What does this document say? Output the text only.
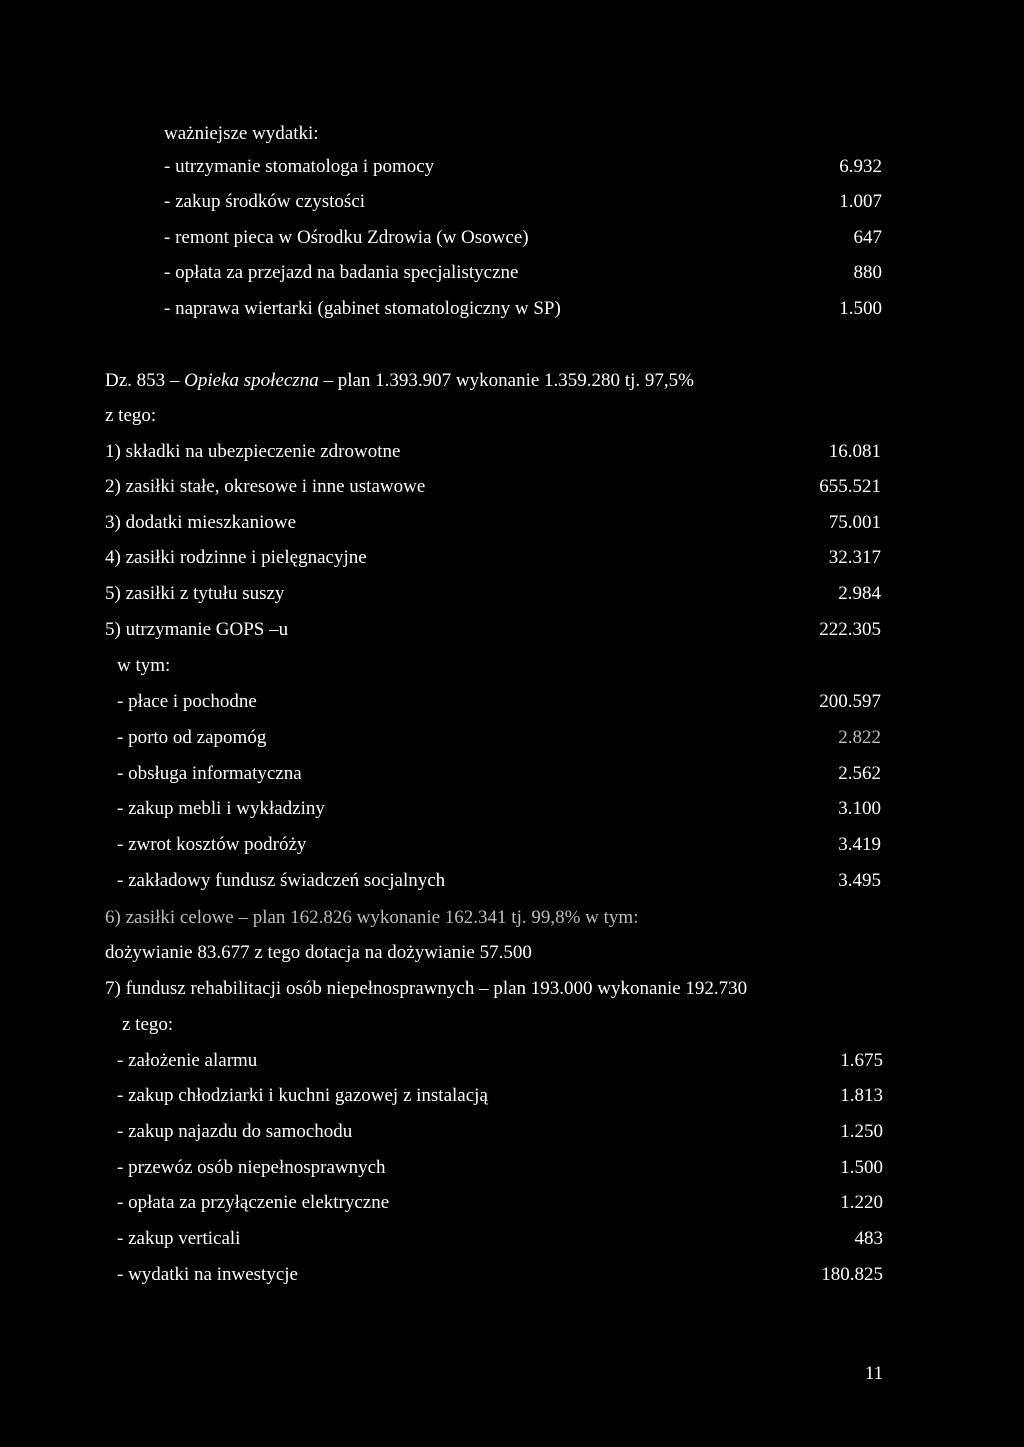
ważniejsze wydatki:
- utrzymanie stomatologa i pomocy	6.932
- zakup środków czystości	1.007
- remont pieca w Ośrodku Zdrowia (w Osowce)	647
- opłata za przejazd na badania specjalistyczne	880
- naprawa wiertarki (gabinet stomatologiczny w SP)	1.500
Dz. 853 – Opieka społeczna – plan 1.393.907 wykonanie 1.359.280 tj. 97,5%
z tego:
1) składki na ubezpieczenie zdrowotne	16.081
2) zasiłki stałe, okresowe i inne ustawowe	655.521
3) dodatki mieszkaniowe	75.001
4) zasiłki rodzinne i pielęgnacyjne	32.317
5) zasiłki z tytułu suszy	2.984
5) utrzymanie GOPS –u	222.305
w tym:
- płace i pochodne	200.597
- porto od zapomóg	2.822
- obsługa informatyczna	2.562
- zakup mebli i wykładziny	3.100
- zwrot kosztów podróży	3.419
- zakładowy fundusz świadczeń socjalnych	3.495
6) zasiłki celowe – plan 162.826 wykonanie 162.341 tj. 99,8% w tym:
dożywianie 83.677 z tego dotacja na dożywianie 57.500
7) fundusz rehabilitacji osób niepełnosprawnych – plan 193.000 wykonanie 192.730
z tego:
- założenie alarmu	1.675
- zakup chłodziarki i kuchni gazowej z instalacją	1.813
- zakup najazdu do samochodu	1.250
- przewóz osób niepełnosprawnych	1.500
- opłata za przyłączenie elektryczne	1.220
- zakup verticali	483
- wydatki na inwestycje	180.825
11
